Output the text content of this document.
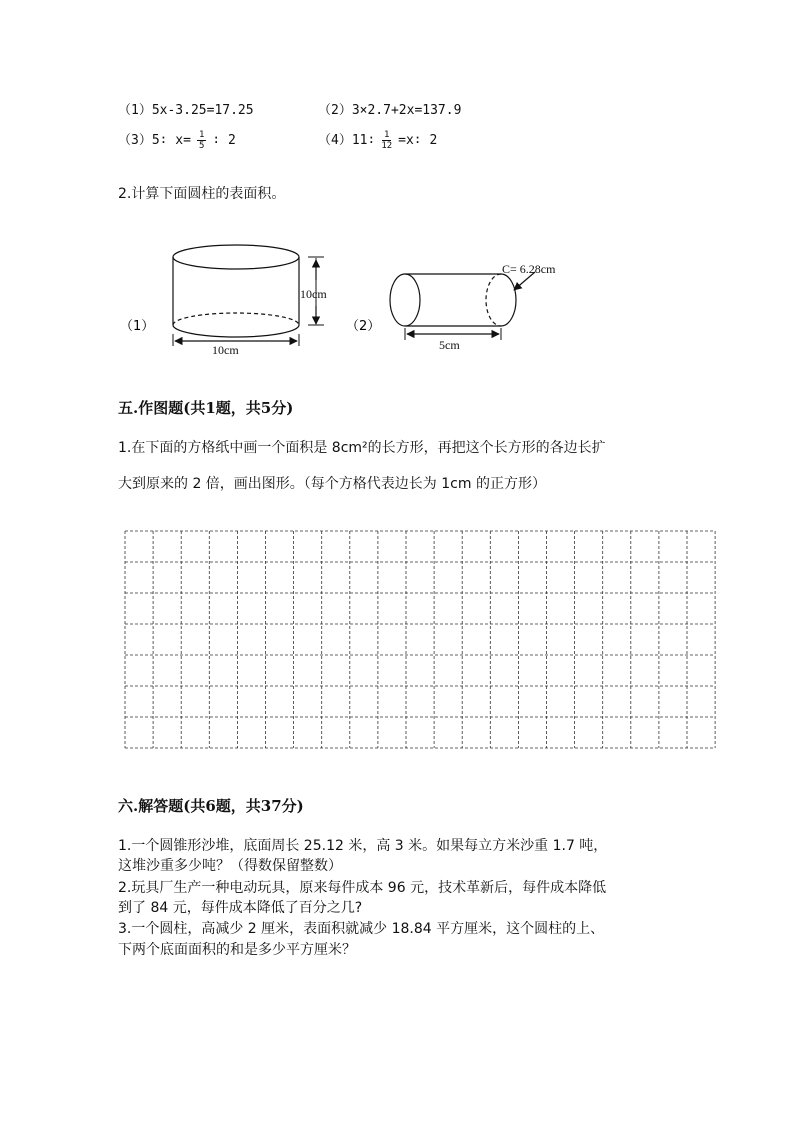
（1）5x-3.25=17.25	（2）3×2.7+2x=137.9
（3）5∶ $x= \frac{1}{5}$ ∶ 2	（4）11∶ $\frac{1}{12}$ =x∶ 2
2.计算下面圆柱的表面积。
10cm
10cm
（1）
C= 6.28cm
5cm
（2）
五.作图题(共1题，共5分)
1.在下面的方格纸中画一个面积是 8cm²的长方形，再把这个长方形的各边长扩
大到原来的 2 倍，画出图形。（每个方格代表边长为 1cm 的正方形）
六.解答题(共6题，共37分)
1.一个圆锥形沙堆，底面周长 25.12 米，高 3 米。如果每立方米沙重 1.7 吨，
这堆沙重多少吨？（得数保留整数）
2.玩具厂生产一种电动玩具，原来每件成本 96 元，技术革新后，每件成本降低
到了 84 元，每件成本降低了百分之几?
3.一个圆柱，高减少 2 厘米，表面积就减少 18.84 平方厘米，这个圆柱的上、
下两个底面面积的和是多少平方厘米？
